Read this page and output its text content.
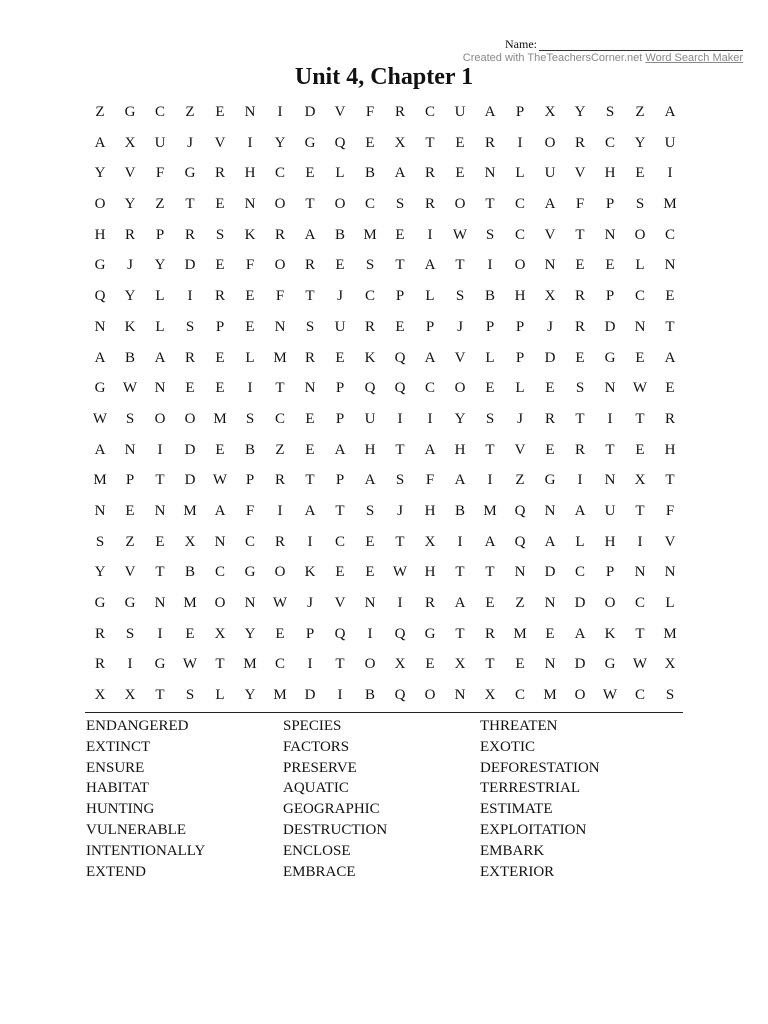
Name:
Created with TheTeachersCorner.net Word Search Maker
Unit 4, Chapter 1
Z	G	C	Z	E	N	I	D	V	F	R	C	U	A	P	X	Y	S	Z	A
A	X	U	J	V	I	Y	G	Q	E	X	T	E	R	I	O	R	C	Y	U
Y	V	F	G	R	H	C	E	L	B	A	R	E	N	L	U	V	H	E	I
O	Y	Z	T	E	N	O	T	O	C	S	R	O	T	C	A	F	P	S	M
H	R	P	R	S	K	R	A	B	M	E	I	W	S	C	V	T	N	O	C
G	J	Y	D	E	F	O	R	E	S	T	A	T	I	O	N	E	E	L	N
Q	Y	L	I	R	E	F	T	J	C	P	L	S	B	H	X	R	P	C	E
N	K	L	S	P	E	N	S	U	R	E	P	J	P	P	J	R	D	N	T
A	B	A	R	E	L	M	R	E	K	Q	A	V	L	P	D	E	G	E	A
G	W	N	E	E	I	T	N	P	Q	Q	C	O	E	L	E	S	N	W	E
W	S	O	O	M	S	C	E	P	U	I	I	Y	S	J	R	T	I	T	R
A	N	I	D	E	B	Z	E	A	H	T	A	H	T	V	E	R	T	E	H
M	P	T	D	W	P	R	T	P	A	S	F	A	I	Z	G	I	N	X	T
N	E	N	M	A	F	I	A	T	S	J	H	B	M	Q	N	A	U	T	F
S	Z	E	X	N	C	R	I	C	E	T	X	I	A	Q	A	L	H	I	V
Y	V	T	B	C	G	O	K	E	E	W	H	T	T	N	D	C	P	N	N
G	G	N	M	O	N	W	J	V	N	I	R	A	E	Z	N	D	O	C	L
R	S	I	E	X	Y	E	P	Q	I	Q	G	T	R	M	E	A	K	T	M
R	I	G	W	T	M	C	I	T	O	X	E	X	T	E	N	D	G	W	X
X	X	T	S	L	Y	M	D	I	B	Q	O	N	X	C	M	O	W	C	S
ENDANGERED	SPECIES	THREATEN
EXTINCT	FACTORS	EXOTIC
ENSURE	PRESERVE	DEFORESTATION
HABITAT	AQUATIC	TERRESTRIAL
HUNTING	GEOGRAPHIC	ESTIMATE
VULNERABLE	DESTRUCTION	EXPLOITATION
INTENTIONALLY	ENCLOSE	EMBARK
EXTEND	EMBRACE	EXTERIOR
